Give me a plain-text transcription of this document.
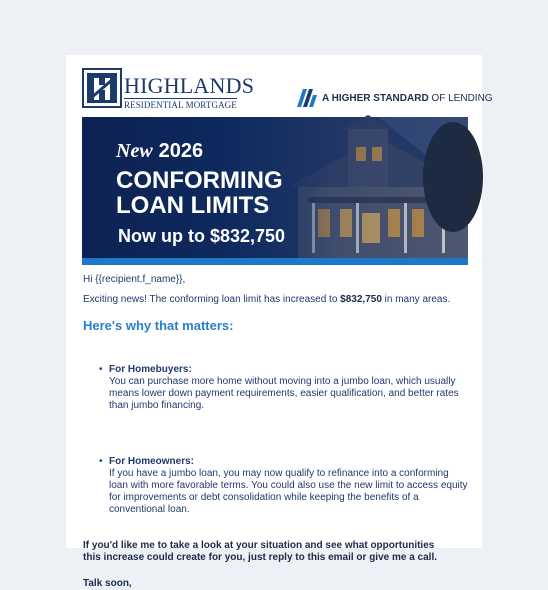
HIGHLANDS
RESIDENTIAL MORTGAGE
A HIGHER STANDARD OF LENDING
New 2026
CONFORMING
LOAN LIMITS
Now up to $832,750
Hi {{recipient.f_name}},
Exciting news! The conforming loan limit has increased to $832,750 in many areas.
Here's why that matters:
• For Homebuyers:
You can purchase more home without moving into a jumbo loan, which usually means lower down payment requirements, easier qualification, and better rates than jumbo financing.
• For Homeowners:
If you have a jumbo loan, you may now qualify to refinance into a conforming loan with more favorable terms. You could also use the new limit to access equity for improvements or debt consolidation while keeping the benefits of a conventional loan.
If you'd like me to take a look at your situation and see what opportunities this increase could create for you, just reply to this email or give me a call.
Talk soon,
